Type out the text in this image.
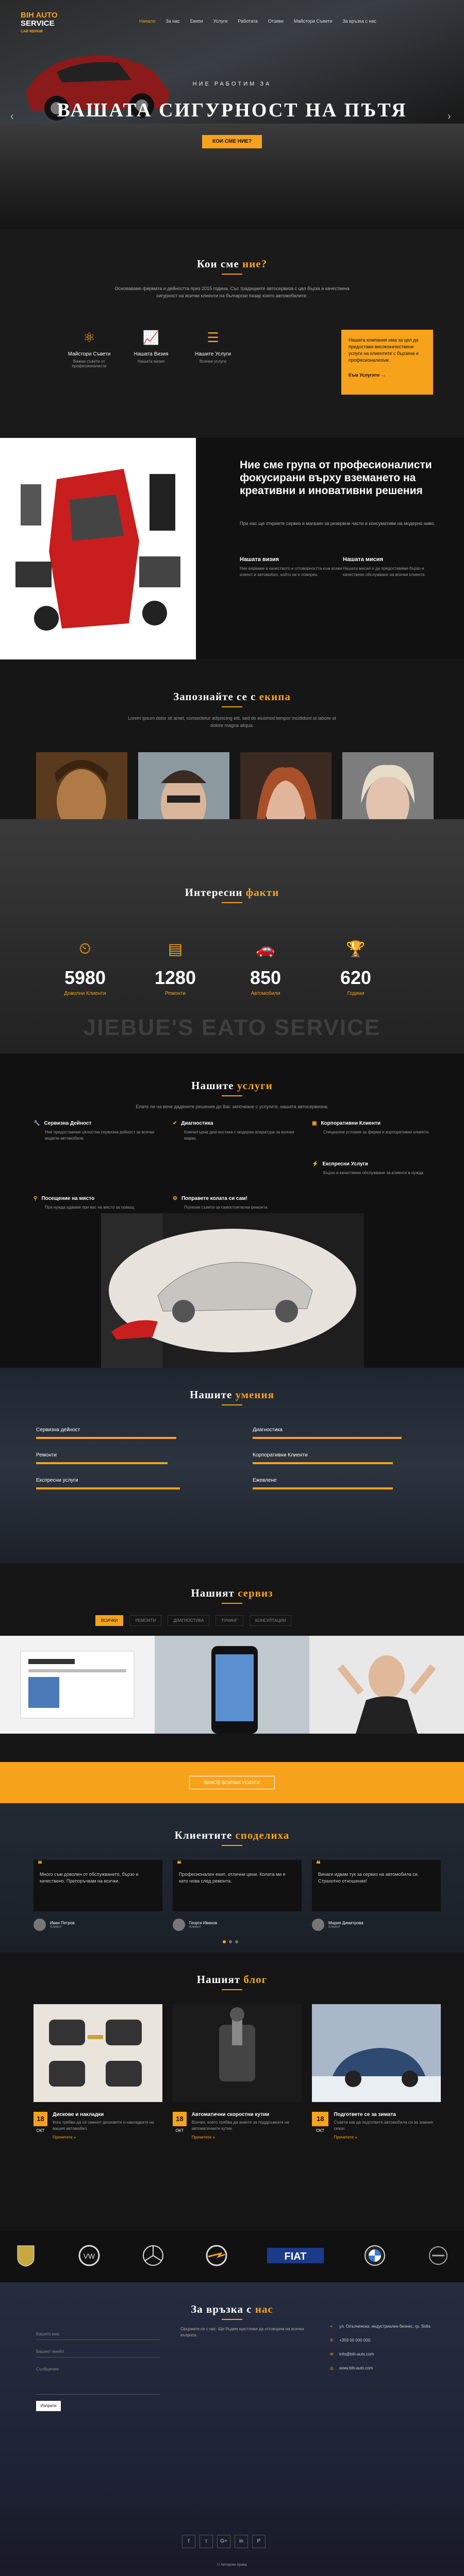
BIH AUTO
SERVICE
CAR REPAIR
Начало За нас Екипи Услуги Работата Отзиви Майстори Съвети За връзка с нас
НИЕ РАБОТИМ ЗА
ВАШАТА СИГУРНОСТ НА ПЪТЯ
КОИ СМЕ НИЕ?
‹	›
Кои сме ние?
Основаваме фирмата и дейността през 2015 година. Със традициите автосервиза с цел бърза и качествена сигурност на всички клиенти на български пазар които автомобилите.
⚛
Майстори Съвети
Важни съвети от професионалисти
📈
Нашата Визия
Нашата визия
☰
Нашите Услуги
Всички услуги
Нашата компания има за цел да предостави висококачествени услуги на клиентите с бързина и професионализъм.
Към Услугите →
Ние сме група от професионалисти фокусирани върху вземането на креативни и иновативни решения
При нас ще откриете сервиз и магазин за резервни части и консумативи на модерно ниво.
Нашата визия
Ние вярваме в качеството и отговорността към всеки клиент и автомобил, който ни е поверен.
Нашата мисия
Нашата мисия е да предоставяме бързо и качествено обслужване на всички клиенти.
Запознайте се с екипа
Lorem ipsum dolor sit amet, consectetur adipiscing elit, sed do eiusmod tempor incididunt ut labore et dolore magna aliqua.
Интересни факти
⏲
5980
Доволни Клиенти
▤
1280
Ремонти
🚗
850
Автомобили
🏆
620
Години
JIEBUE'S ЕАТО SERVICE
Нашите услуги
Елате ли на вече дадените решения до Вас започване с услугите, нашата автосервизна.
🔧 Сервизна Дейност
Ние предоставяме цялостна сервизна дейност за всички модели автомобили.
✔ Диагностика
Компютърна диагностика с модерна апаратура за всички марки.
▣ Корпоративни Клиенти
Специални условия за фирми и корпоративни клиенти.
⚡ Експресни Услуги
Бързо и качествено обслужване за клиенти в нужда.
⚲ Посещение на място
При нужда идваме при вас на място за помощ.
⚙ Поправете колата си сам!
Полезни съвети за самостоятелни ремонти.
Нашите умения
Сервизна дейност	Диагностика
Ремонти	Корпоративни Клиенти
Експресни услуги	Ежевлене
Нашият сервиз
ВСИЧКИ	РЕМОНТИ	ДИАГНОСТИКА	ТУНИНГ	КОНСУЛТАЦИИ
ВИЖТЕ ВСИЧКИ УСЛУГИ
Клиентите споделиха
❝
Много съм доволен от обслужването, бързо и качествено. Препоръчвам на всички.
Иван Петров
Клиент
❝
Професионален екип, отлични цени. Колата ми е като нова след ремонта.
Георги Иванов
Клиент
❝
Винаги идвам тук за сервиз на автомобила си. Страхотно отношение!
Мария Димитрова
Клиент
Нашият блог
18
ОКТ
Дискове и накладки
Кога трябва да се сменят дисковете и накладките на вашия автомобил.
Прочетете »
18
ОКТ
Автоматични скоростни кутии
Всичко, което трябва да знаете за поддръжката на автоматичните кутии.
Прочетете »
18
ОКТ
Подгответе се за зимата
Съвети как да подготвите автомобила си за зимния сезон.
Прочетете »
VW	FIAT
За връзка с нас
Вашето име
Вашият имейл
Съобщение
Изпрати
Свържете се с нас. Ще бъдем щастливи да отговорим на всички въпроси.
⌖	ул. Опълченска, индустриален бизнес, гр. Sofia
✆	+359 00 000 000
✉	info@bih-auto.com
◎	www.bih-auto.com
f	t	G+	in	P
© Авторски права
